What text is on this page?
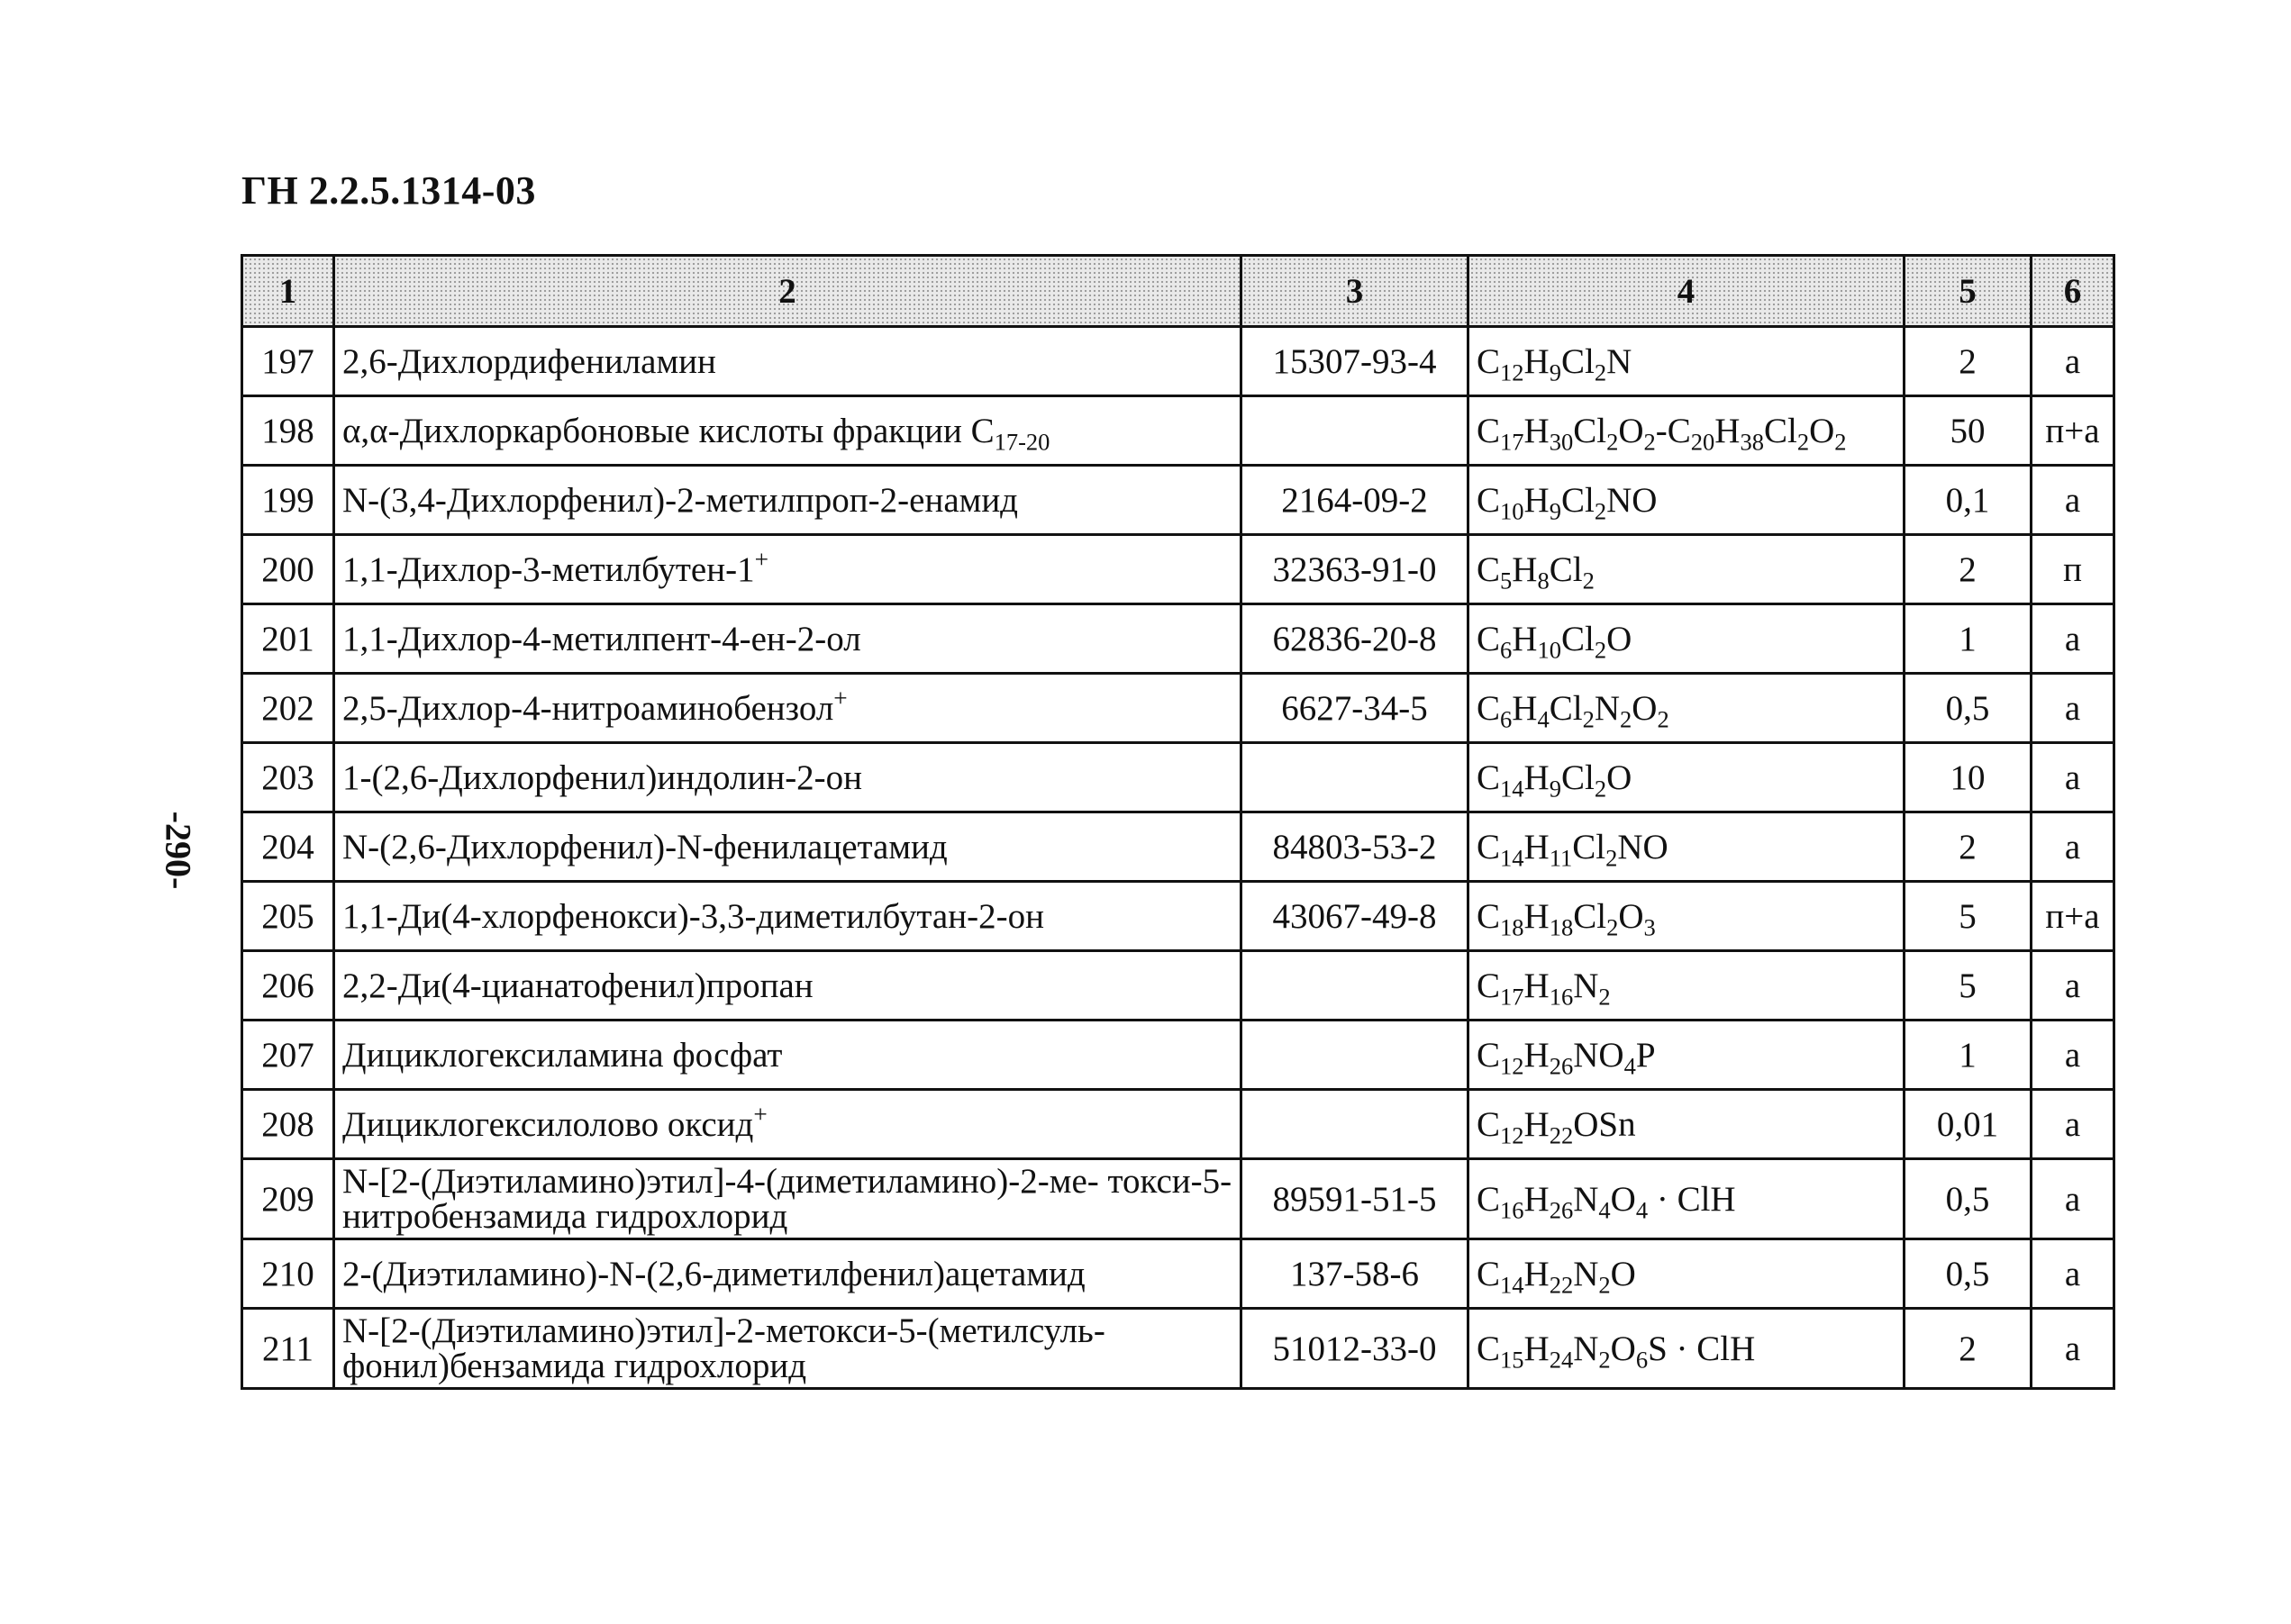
ГН 2.2.5.1314-03
-290-
1	2	3	4	5	6
197	2,6-Дихлордифениламин	15307-93-4	$C_{12}H_9Cl_2N$	2	а
198	α,α-Дихлоркарбоновые кислоты фракции $C_{17-20}$		$C_{17}H_{30}Cl_2O_2-C_{20}H_{38}Cl_2O_2$	50	п+а
199	N-(3,4-Дихлорфенил)-2-метилпроп-2-енамид	2164-09-2	$C_{10}H_9Cl_2NO$	0,1	а
200	1,1-Дихлор-3-метилбутен-1+	32363-91-0	$C_5H_8Cl_2$	2	п
201	1,1-Дихлор-4-метилпент-4-ен-2-ол	62836-20-8	$C_6H_{10}Cl_2O$	1	а
202	2,5-Дихлор-4-нитроаминобензол+	6627-34-5	$C_6H_4Cl_2N_2O_2$	0,5	а
203	1-(2,6-Дихлорфенил)индолин-2-он		$C_{14}H_9Cl_2O$	10	а
204	N-(2,6-Дихлорфенил)-N-фенилацетамид	84803-53-2	$C_{14}H_{11}Cl_2NO$	2	а
205	1,1-Ди(4-хлорфенокси)-3,3-диметилбутан-2-он	43067-49-8	$C_{18}H_{18}Cl_2O_3$	5	п+а
206	2,2-Ди(4-цианатофенил)пропан		$C_{17}H_{16}N_2$	5	а
207	Дициклогексиламина фосфат		$C_{12}H_{26}NO_4P$	1	а
208	Дициклогексилолово оксид+		$C_{12}H_{22}OSn$	0,01	а
209	N-[2-(Диэтиламино)этил]-4-(диметиламино)-2-ме- токси-5-нитробензамида гидрохлорид	89591-51-5	$C_{16}H_{26}N_4O_4$ · ClH	0,5	а
210	2-(Диэтиламино)-N-(2,6-диметилфенил)ацетамид	137-58-6	$C_{14}H_{22}N_2O$	0,5	а
211	N-[2-(Диэтиламино)этил]-2-метокси-5-(метилсуль- фонил)бензамида гидрохлорид	51012-33-0	$C_{15}H_{24}N_2O_6S$ · ClH	2	а
